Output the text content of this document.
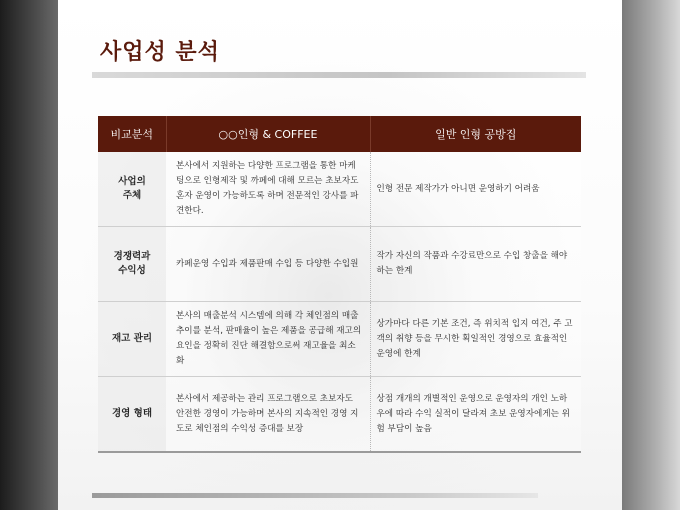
사업성 분석
비교분석	○○인형 & COFFEE	일반 인형 공방집
사업의
주체	본사에서 지원하는 다양한 프로그램을 통한 마케팅으로 인형제작 및 까페에 대해 모르는 초보자도 혼자 운영이 가능하도록 하며 전문적인 강사를 파견한다.	인형 전문 제작가가 아니면 운영하기 어려움
경쟁력과
수익성	카페운영 수입과 제품판매 수입 등 다양한 수입원	작가 자신의 작품과 수강료만으로 수입 창출을 해야 하는 한계
재고 관리	본사의 매출분석 시스템에 의해 각 체인점의 매출 추이를 분석, 판매율이 높은 제품을 공급해 재고의 요인을 정확히 진단 해결함으로써 재고율을 최소화	상가마다 다른 기본 조건, 즉 위치적 입지 여건, 주 고객의 취향 등을 무시한 획일적인 경영으로 효율적인 운영에 한계
경영 형태	본사에서 제공하는 관리 프로그램으로 초보자도 안전한 경영이 가능하며 본사의 지속적인 경영 지도로 체인점의 수익성 증대를 보장	상점 개개의 개별적인 운영으로 운영자의 개인 노하우에 따라 수익 실적이 달라져 초보 운영자에게는 위험 부담이 높음
